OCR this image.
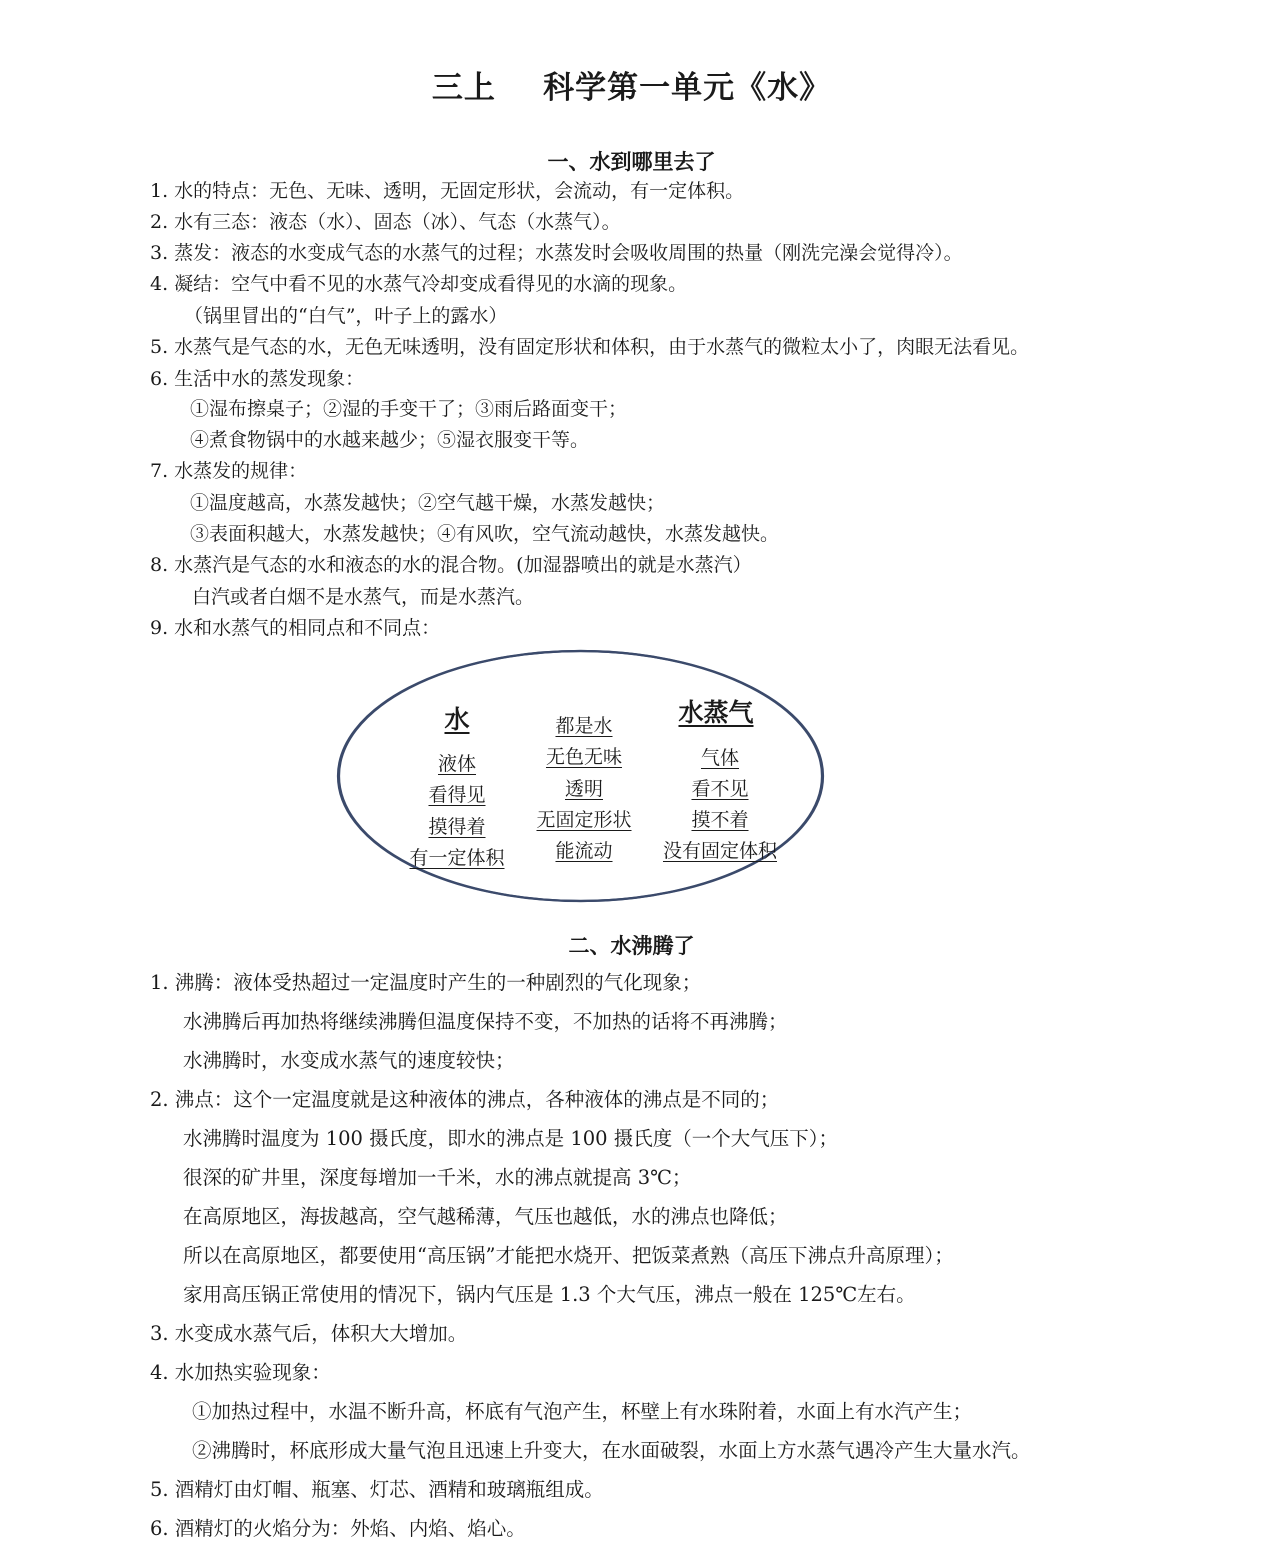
三上    科学第一单元《水》
一、水到哪里去了
1. 水的特点：无色、无味、透明，无固定形状，会流动，有一定体积。
2. 水有三态：液态（水）、固态（冰）、气态（水蒸气）。
3. 蒸发：液态的水变成气态的水蒸气的过程；水蒸发时会吸收周围的热量（刚洗完澡会觉得冷）。
4. 凝结：空气中看不见的水蒸气冷却变成看得见的水滴的现象。
（锅里冒出的“白气”，叶子上的露水）
5. 水蒸气是气态的水，无色无味透明，没有固定形状和体积，由于水蒸气的微粒太小了，肉眼无法看见。
6. 生活中水的蒸发现象：
①湿布擦桌子；②湿的手变干了；③雨后路面变干；
④煮食物锅中的水越来越少；⑤湿衣服变干等。
7. 水蒸发的规律：
①温度越高，水蒸发越快；②空气越干燥，水蒸发越快；
③表面积越大，水蒸发越快；④有风吹，空气流动越快，水蒸发越快。
8. 水蒸汽是气态的水和液态的水的混合物。(加湿器喷出的就是水蒸汽）
白汽或者白烟不是水蒸气，而是水蒸汽。
9. 水和水蒸气的相同点和不同点：
水
液体
看得见
摸得着
有一定体积
都是水
无色无味
透明
无固定形状
能流动
水蒸气
气体
看不见
摸不着
没有固定体积
二、水沸腾了
1. 沸腾：液体受热超过一定温度时产生的一种剧烈的气化现象；
水沸腾后再加热将继续沸腾但温度保持不变，不加热的话将不再沸腾；
水沸腾时，水变成水蒸气的速度较快；
2. 沸点：这个一定温度就是这种液体的沸点，各种液体的沸点是不同的；
水沸腾时温度为 100 摄氏度，即水的沸点是 100 摄氏度（一个大气压下）；
很深的矿井里，深度每增加一千米，水的沸点就提高 3℃；
在高原地区，海拔越高，空气越稀薄，气压也越低，水的沸点也降低；
所以在高原地区，都要使用“高压锅”才能把水烧开、把饭菜煮熟（高压下沸点升高原理）；
家用高压锅正常使用的情况下，锅内气压是 1.3 个大气压，沸点一般在 125℃左右。
3. 水变成水蒸气后，体积大大增加。
4. 水加热实验现象：
①加热过程中，水温不断升高，杯底有气泡产生，杯壁上有水珠附着，水面上有水汽产生；
②沸腾时，杯底形成大量气泡且迅速上升变大，在水面破裂，水面上方水蒸气遇冷产生大量水汽。
5. 酒精灯由灯帽、瓶塞、灯芯、酒精和玻璃瓶组成。
6. 酒精灯的火焰分为：外焰、内焰、焰心。
